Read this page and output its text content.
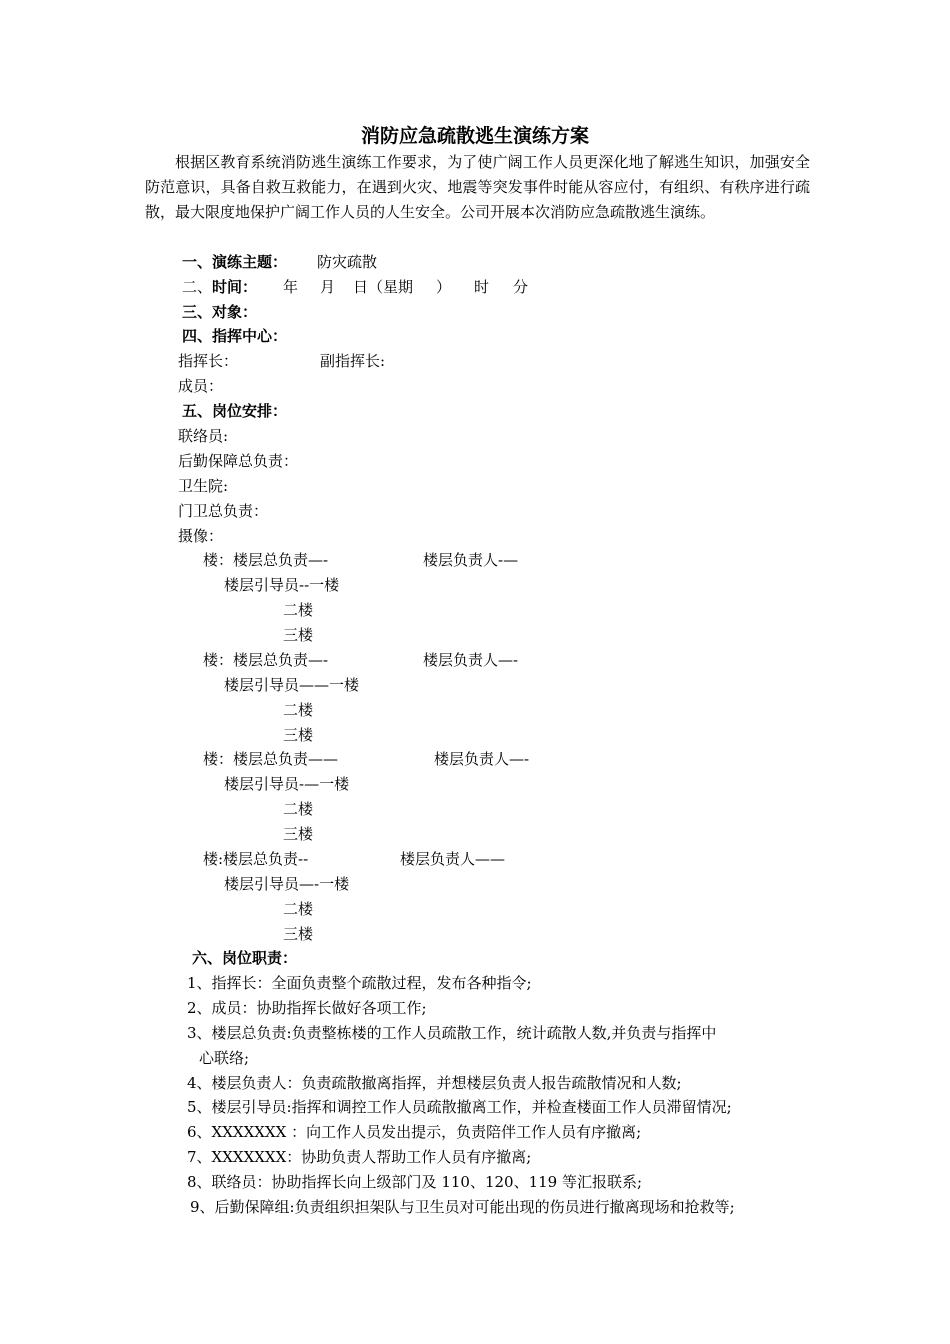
消防应急疏散逃生演练方案
根据区教育系统消防逃生演练工作要求，为了使广阔工作人员更深化地了解逃生知识，加强安全防范意识，具备自救互救能力，在遇到火灾、地震等突发事件时能从容应付，有组织、有秩序进行疏散，最大限度地保护广阔工作人员的人生安全。公司开展本次消防应急疏散逃生演练。
一、演练主题： 防灾疏散
二、 时间： 年 月 日（星期 ） 时 分
三、对象：
四、指挥中心：
指挥长：	副指挥长:
成员：
五、岗位安排：
联络员:
后勤保障总负责：
卫生院:
门卫总负责：
摄像：
楼：楼层总负责—-	楼层负责人-—
楼层引导员--一楼
二楼
三楼
楼：楼层总负责—-	楼层负责人—-
楼层引导员——一楼
二楼
三楼
楼：楼层总负责——	楼层负责人—-
楼层引导员-—一楼
二楼
三楼
楼:楼层总负责--	楼层负责人——
楼层引导员—-一楼
二楼
三楼
六、岗位职责：
1、指挥长：全面负责整个疏散过程，发布各种指令;
2、成员：协助指挥长做好各项工作;
3、楼层总负责:负责整栋楼的工作人员疏散工作，统计疏散人数,并负责与指挥中
心联络;
4、楼层负责人：负责疏散撤离指挥，并想楼层负责人报告疏散情况和人数;
5、楼层引导员:指挥和调控工作人员疏散撤离工作，并检查楼面工作人员滞留情况;
6、XXXXXXX ：向工作人员发出提示，负责陪伴工作人员有序撤离;
7、XXXXXXX：协助负责人帮助工作人员有序撤离;
8、联络员：协助指挥长向上级部门及 110、120、119 等汇报联系;
9、后勤保障组:负责组织担架队与卫生员对可能出现的伤员进行撤离现场和抢救等;
